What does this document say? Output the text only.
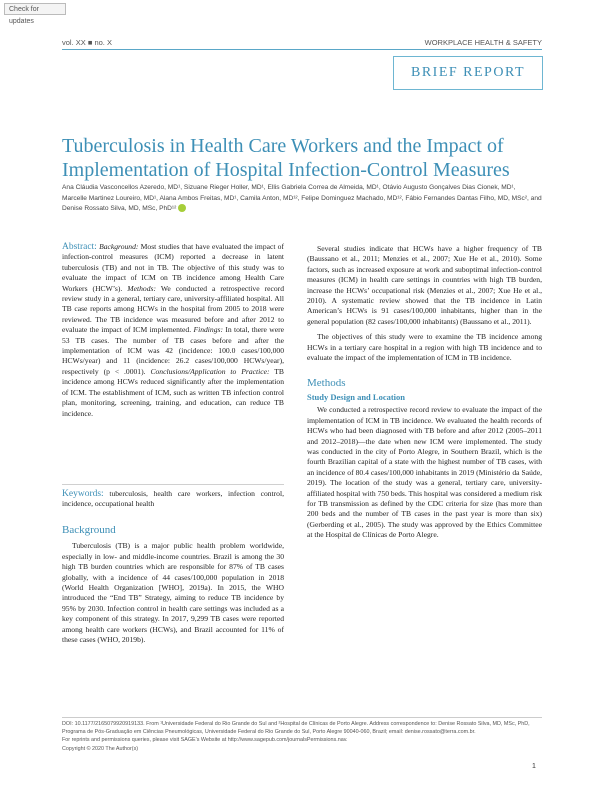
Check for updates
vol. XX ■ no. X	WORKPLACE HEALTH & SAFETY
BRIEF REPORT
Tuberculosis in Health Care Workers and the Impact of Implementation of Hospital Infection-Control Measures
Ana Cláudia Vasconcellos Azeredo, MD¹, Sizuane Rieger Holler, MD¹, Ellis Gabriela Correa de Almeida, MD¹, Otávio Augusto Gonçalves Dias Cionek, MD¹, Marcelle Martinez Loureiro, MD¹, Alana Ambos Freitas, MD¹, Camila Anton, MD¹², Felipe Dominguez Machado, MD¹², Fábio Fernandes Dantas Filho, MD, MSc², and Denise Rossato Silva, MD, MSc, PhD¹²
Abstract: Background: Most studies that have evaluated the impact of infection-control measures (ICM) reported a decrease in latent tuberculosis (TB) and not in TB. The objective of this study was to evaluate the impact of ICM on TB incidence among Health Care Workers (HCW’s). Methods: We conducted a retrospective record review study in a general, tertiary care, university-affiliated hospital. All TB case reports among HCWs in the hospital from 2005 to 2018 were reviewed. The TB incidence was measured before and after 2012 to evaluate the impact of ICM implemented. Findings: In total, there were 53 TB cases. The number of TB cases before and after the implementation of ICM was 42 (incidence: 100.0 cases/100,000 HCWs/year) and 11 (incidence: 26.2 cases/100,000 HCWs/year), respectively (p < .0001). Conclusions/Application to Practice: TB incidence among HCWs reduced significantly after the implementation of ICM. The establishment of ICM, such as written TB infection control plan, monitoring, screening, training, and education, can reduce TB incidence.
Keywords: tuberculosis, health care workers, infection control, incidence, occupational health
Background

Tuberculosis (TB) is a major public health problem worldwide, especially in low- and middle-income countries. Brazil is among the 30 high TB burden countries which are responsible for 87% of TB cases globally, with a incidence of 44 cases/100,000 population in 2018 (World Health Organization [WHO], 2019a). In 2015, the WHO introduced the “End TB” Strategy, aiming to reduce TB incidence by 95% by 2030. Infection control in health care settings was included as a key component of this strategy. In 2017, 9,299 TB cases were reported among health care workers (HCWs), and Brazil accounted for 11% of these cases (WHO, 2019b).

Several studies indicate that HCWs have a higher frequency of TB (Baussano et al., 2011; Menzies et al., 2007; Xue He et al., 2010). Some factors, such as increased exposure at work and suboptimal infection-control measures (ICM) in health care settings in countries with high TB burden, increase the HCWs’ occupational risk (Menzies et al., 2007; Xue He et al., 2010). A systematic review showed that the TB incidence in Latin American’s HCWs is 91 cases/100,000 inhabitants, higher than in the general population (82 cases/100,000 inhabitants) (Baussano et al., 2011).

The objectives of this study were to examine the TB incidence among HCWs in a tertiary care hospital in a region with high TB incidence and to evaluate the impact of the implementation of ICM in TB incidence.

Methods
Study Design and Location

We conducted a retrospective record review to evaluate the impact of the implementation of ICM in TB incidence. We evaluated the health records of HCWs who had been diagnosed with TB before and after 2012 (2005–2011 and 2012–2018)—the date when new ICM were implemented. The study was conducted in the city of Porto Alegre, in Southern Brazil, which is the fourth Brazilian capital of a state with the highest number of TB cases, with an incidence of 80.4 cases/100,000 inhabitants in 2019 (Ministério da Saúde, 2019). The location of the study was a general, tertiary care, university-affiliated hospital with 750 beds. This hospital was considered a medium risk for TB transmission as defined by the CDC criteria for size (has more than 200 beds and the number of TB cases in the past year is more than six) (Gerberding et al., 2005). The study was approved by the Ethics Committee at the Hospital de Clínicas de Porto Alegre.

DOI: 10.1177/2165079920919133. From ¹Universidade Federal do Rio Grande do Sul and ²Hospital de Clínicas de Porto Alegre. Address correspondence to: Denise Rossato Silva, MD, MSc, PhD,
Programa de Pós-Graduação em Ciências Pneumológicas, Universidade Federal do Rio Grande do Sul, Porto Alegre 90040-060, Brazil; email: denise.rossato@terra.com.br.
For reprints and permissions queries, please visit SAGE’s Website at http://www.sagepub.com/journalsPermissions.nav.
Copyright © 2020 The Author(s)
1
